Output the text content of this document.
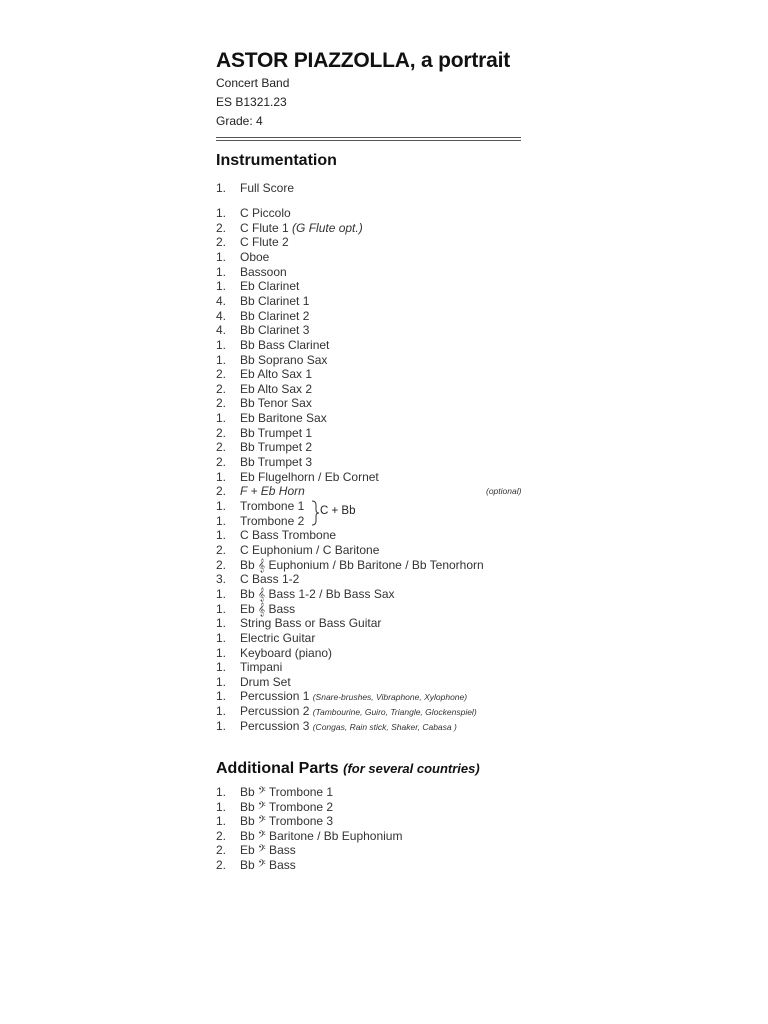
ASTOR PIAZZOLLA, a portrait
Concert Band
ES B1321.23
Grade: 4
Instrumentation
1. Full Score
1. C Piccolo
2. C Flute 1 (G Flute opt.)
2. C Flute 2
1. Oboe
1. Bassoon
1. Eb Clarinet
4. Bb Clarinet 1
4. Bb Clarinet 2
4. Bb Clarinet 3
1. Bb Bass Clarinet
1. Bb Soprano Sax
2. Eb Alto Sax 1
2. Eb Alto Sax 2
2. Bb Tenor Sax
1. Eb Baritone Sax
2. Bb Trumpet 1
2. Bb Trumpet 2
2. Bb Trumpet 3
1. Eb Flugelhorn / Eb Cornet
2. F + Eb Horn	(optional)
1. Trombone 1
1. Trombone 2
1. C Bass Trombone
2. C Euphonium / C Baritone
2. Bb 𝄞 Euphonium / Bb Baritone / Bb Tenorhorn
3. C Bass 1-2
1. Bb 𝄞 Bass 1-2 / Bb Bass Sax
1. Eb 𝄞 Bass
1. String Bass or Bass Guitar
1. Electric Guitar
1. Keyboard (piano)
1. Timpani
1. Drum Set
1. Percussion 1 (Snare-brushes, Vibraphone, Xylophone)
1. Percussion 2 (Tambourine, Guiro, Triangle, Glockenspiel)
1. Percussion 3 (Congas, Rain stick, Shaker, Cabasa )
C + Bb
Additional Parts (for several countries)
1. Bb 𝄢 Trombone 1
1. Bb 𝄢 Trombone 2
1. Bb 𝄢 Trombone 3
2. Bb 𝄢 Baritone / Bb Euphonium
2. Eb 𝄢 Bass
2. Bb 𝄢 Bass
